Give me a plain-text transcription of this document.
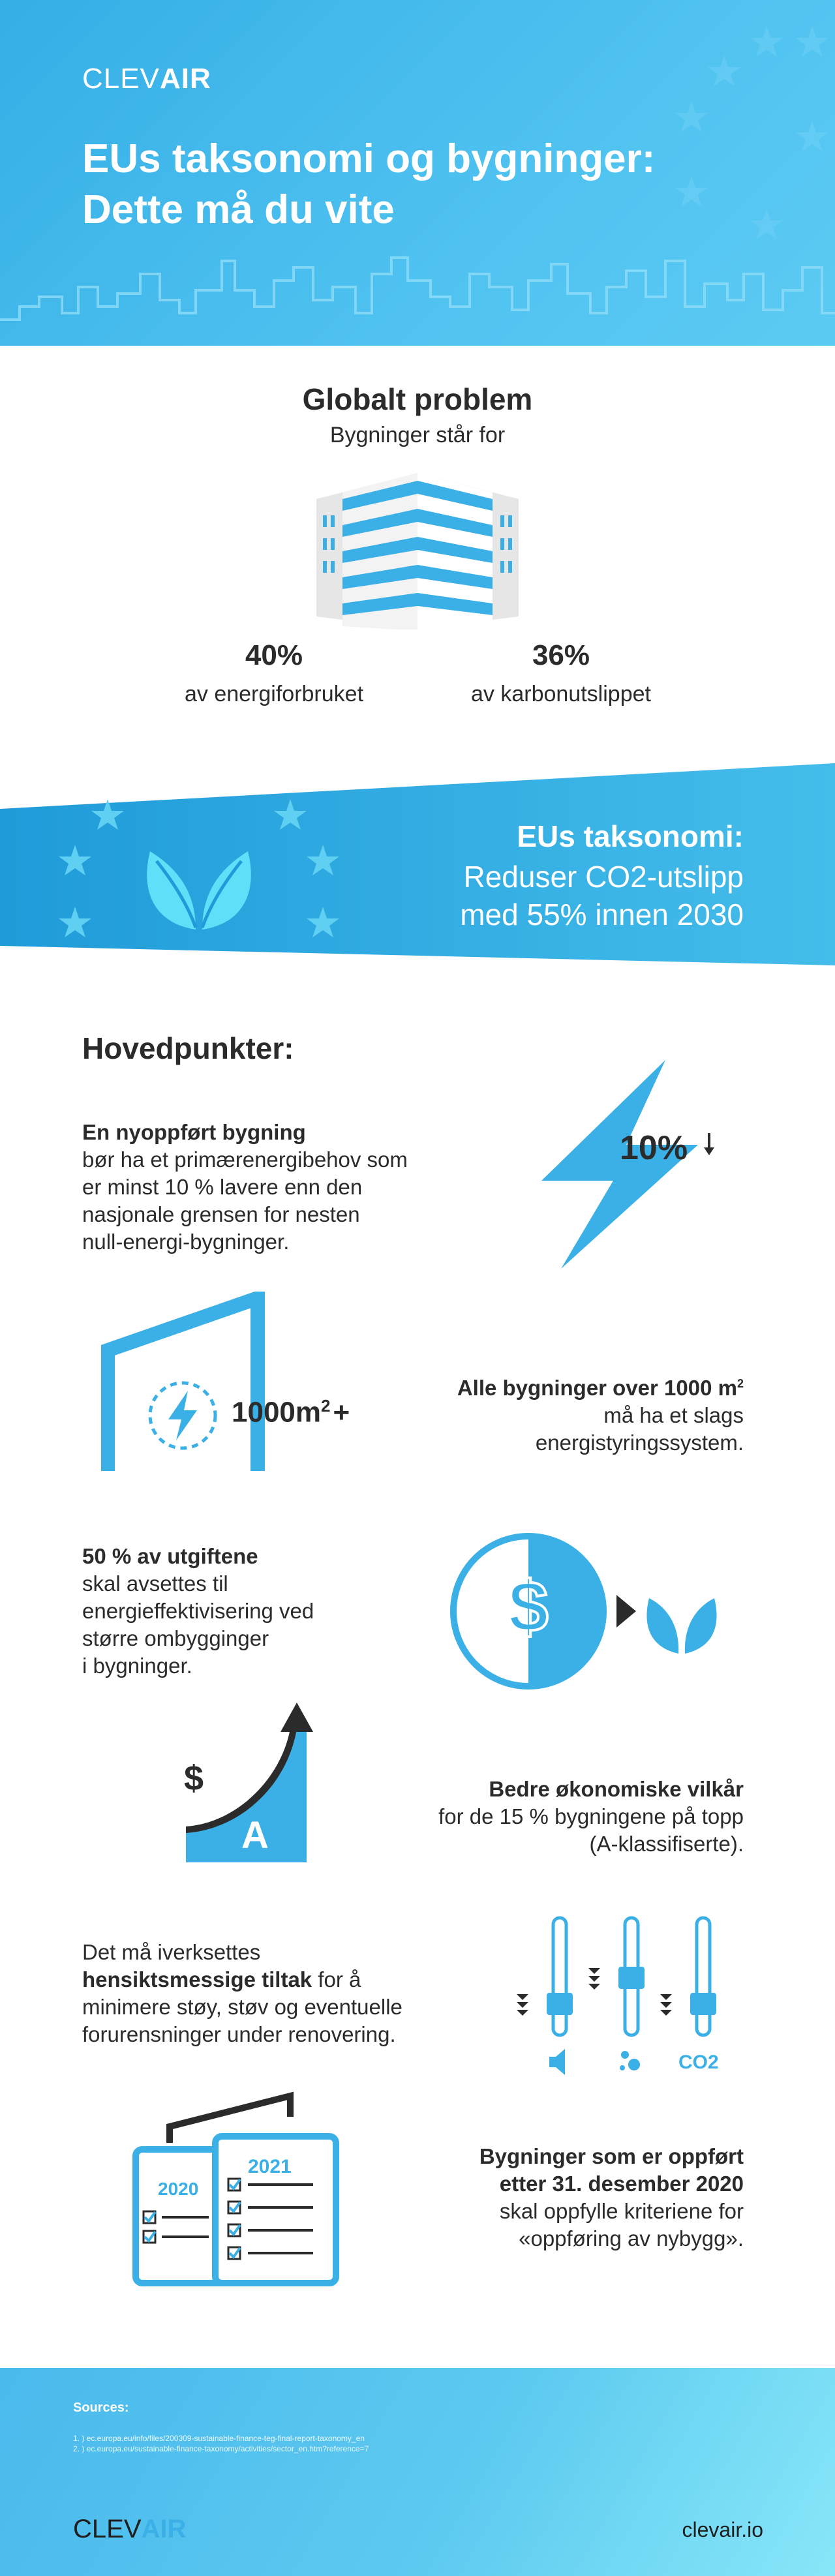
CLEVAIR
EUs taksonomi og bygninger:
Dette må du vite
Globalt problem
Bygninger står for
40%
av energiforbruket
36%
av karbonutslippet
EUs taksonomi:
Reduser CO2-utslipp
med 55% innen 2030
Hovedpunkter:
En nyoppført bygning
bør ha et primærenergibehov som
er minst 10 % lavere enn den
nasjonale grensen for nesten
null-energi-bygninger.
10%
$1000m^2+$
Alle bygninger over 1000 $m^2$
må ha et slags
energistyringssystem.
50 % av utgiftene
skal avsettes til
energieffektivisering ved
større ombygginger
i bygninger.
$
$
A
Bedre økonomiske vilkår
for de 15 % bygningene på topp
(A-klassifiserte).
Det må iverksettes
hensiktsmessige tiltak for å
minimere støy, støv og eventuelle
forurensninger under renovering.
CO2
2020
2021	Bygninger som er oppført
etter 31. desember 2020
skal oppfylle kriteriene for
«oppføring av nybygg».
Sources:
1. ) ec.europa.eu/info/files/200309-sustainable-finance-teg-final-report-taxonomy_en
2. ) ec.europa.eu/sustainable-finance-taxonomy/activities/sector_en.htm?reference=7
CLEVAIR	clevair.io
